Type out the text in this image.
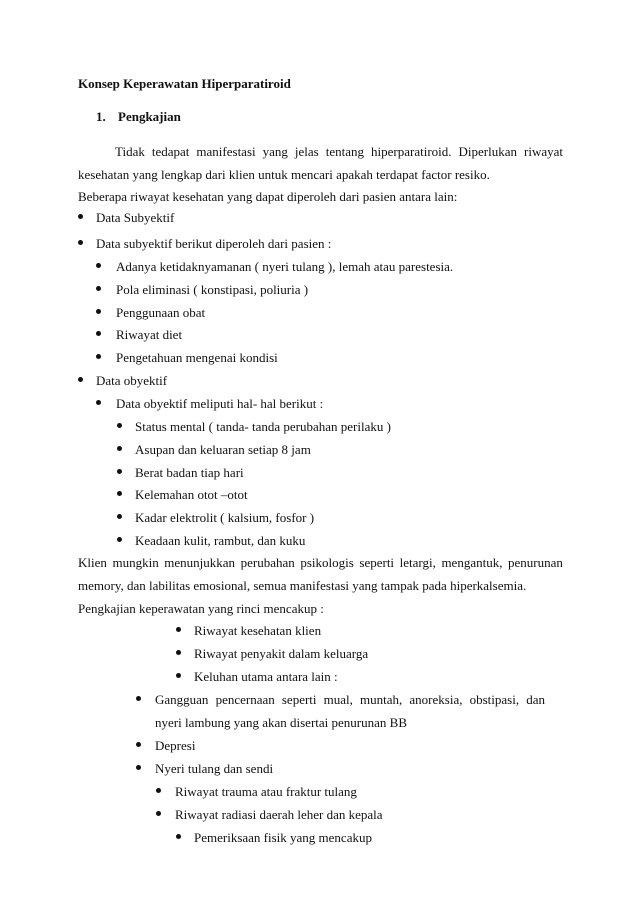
Konsep Keperawatan Hiperparatiroid
1. Pengkajian
Tidak tedapat manifestasi yang jelas tentang hiperparatiroid. Diperlukan riwayat
kesehatan yang lengkap dari klien untuk mencari apakah terdapat factor resiko.
Beberapa riwayat kesehatan yang dapat diperoleh dari pasien antara lain:
Data Subyektif
Data subyektif berikut diperoleh dari pasien :
Adanya ketidaknyamanan ( nyeri tulang ), lemah atau parestesia.
Pola eliminasi ( konstipasi, poliuria )
Penggunaan obat
Riwayat diet
Pengetahuan mengenai kondisi
Data obyektif
Data obyektif meliputi hal- hal berikut :
Status mental ( tanda- tanda perubahan perilaku )
Asupan dan keluaran setiap 8 jam
Berat badan tiap hari
Kelemahan otot –otot
Kadar elektrolit ( kalsium, fosfor )
Keadaan kulit, rambut, dan kuku
Klien mungkin menunjukkan perubahan psikologis seperti letargi, mengantuk, penurunan
memory, dan labilitas emosional, semua manifestasi yang tampak pada hiperkalsemia.
Pengkajian keperawatan yang rinci mencakup :
Riwayat kesehatan klien
Riwayat penyakit dalam keluarga
Keluhan utama antara lain :
Gangguan pencernaan seperti mual, muntah, anoreksia, obstipasi, dan
nyeri lambung yang akan disertai penurunan BB
Depresi
Nyeri tulang dan sendi
Riwayat trauma atau fraktur tulang
Riwayat radiasi daerah leher dan kepala
Pemeriksaan fisik yang mencakup
